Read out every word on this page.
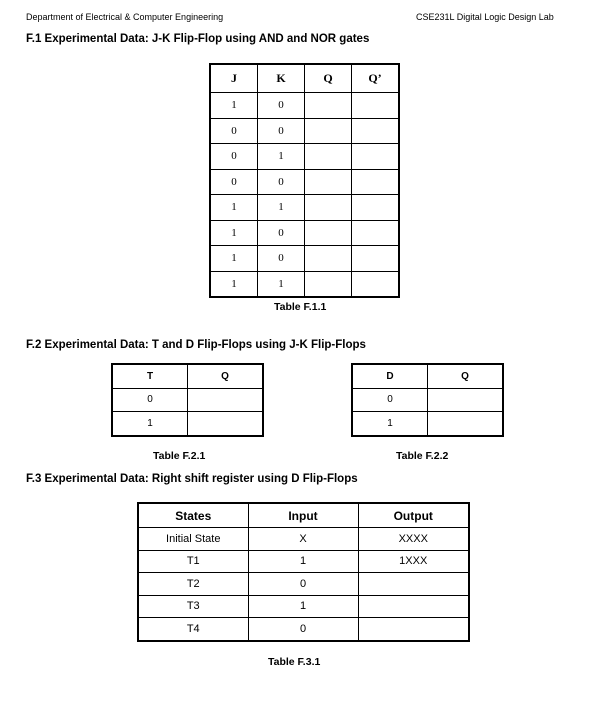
Department of Electrical & Computer Engineering	CSE231L Digital Logic Design Lab
F.1 Experimental Data: J-K Flip-Flop using AND and NOR gates
J	K	Q	Q’
1	0		
0	0		
0	1		
0	0		
1	1		
1	0		
1	0		
1	1		
Table F.1.1
F.2 Experimental Data: T and D Flip-Flops using J-K Flip-Flops
T	Q
0	
1	
D	Q
0	
1	
Table F.2.1	Table F.2.2
F.3 Experimental Data: Right shift register using D Flip-Flops
States	Input	Output
Initial State	X	XXXX
T1	1	1XXX
T2	0	
T3	1	
T4	0	
Table F.3.1
